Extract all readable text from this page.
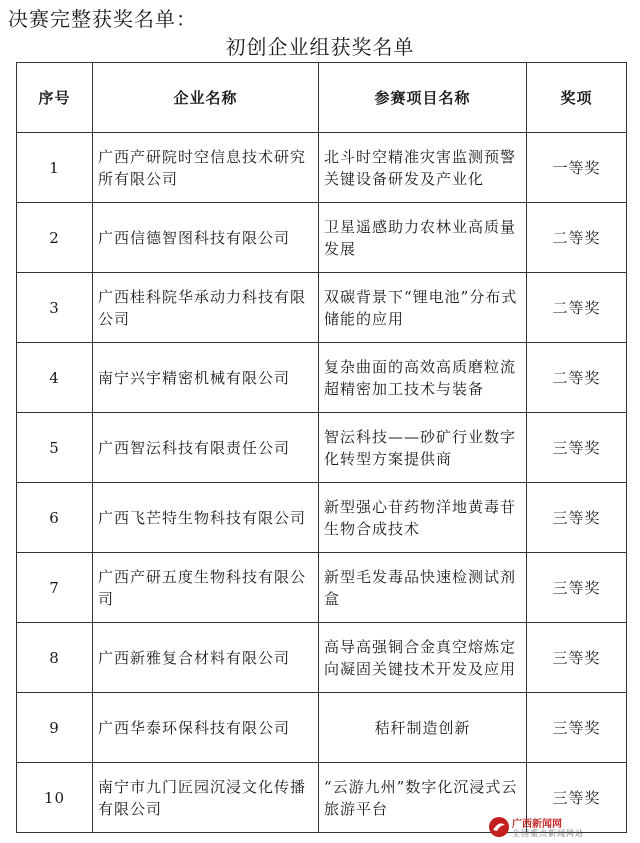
决赛完整获奖名单：
初创企业组获奖名单
序号	企业名称	参赛项目名称	奖项
1	广西产研院时空信息技术研究所有限公司	北斗时空精准灾害监测预警关键设备研发及产业化	一等奖
2	广西信德智图科技有限公司	卫星遥感助力农林业高质量发展	二等奖
3	广西桂科院华承动力科技有限公司	双碳背景下“锂电池”分布式储能的应用	二等奖
4	南宁兴宇精密机械有限公司	复杂曲面的高效高质磨粒流超精密加工技术与装备	二等奖
5	广西智沄科技有限责任公司	智沄科技——砂矿行业数字化转型方案提供商	三等奖
6	广西飞芒特生物科技有限公司	新型强心苷药物洋地黄毒苷生物合成技术	三等奖
7	广西产研五度生物科技有限公司	新型毛发毒品快速检测试剂盒	三等奖
8	广西新雅复合材料有限公司	高导高强铜合金真空熔炼定向凝固关键技术开发及应用	三等奖
9	广西华泰环保科技有限公司	秸秆制造创新	三等奖
10	南宁市九门匠园沉浸文化传播有限公司	“云游九州”数字化沉浸式云旅游平台	三等奖
广西新闻网
全国重点新闻网站
